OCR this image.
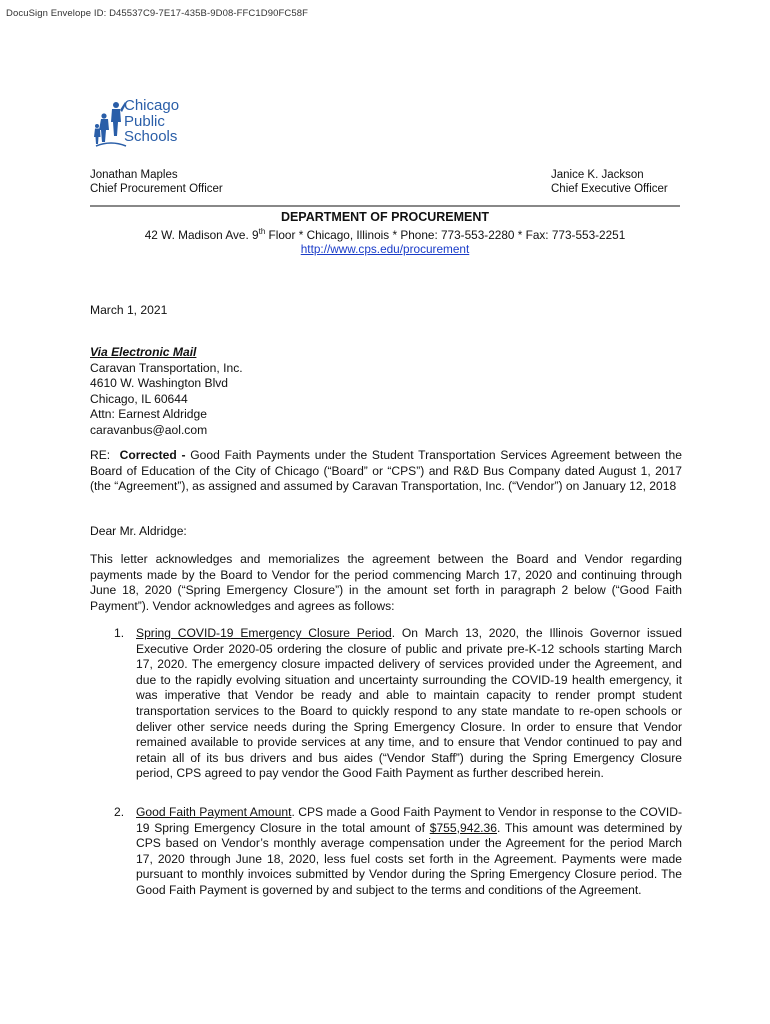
DocuSign Envelope ID: D45537C9-7E17-435B-9D08-FFC1D90FC58F
Chicago
Public
Schools
Jonathan Maples
Chief Procurement Officer
Janice K. Jackson
Chief Executive Officer
DEPARTMENT OF PROCUREMENT
42 W. Madison Ave. 9th Floor * Chicago, Illinois * Phone: 773-553-2280 * Fax: 773-553-2251
http://www.cps.edu/procurement
March 1, 2021
Via Electronic Mail
Caravan Transportation, Inc.
4610 W. Washington Blvd
Chicago, IL 60644
Attn: Earnest Aldridge
caravanbus@aol.com
RE:  Corrected - Good Faith Payments under the Student Transportation Services Agreement between the Board of Education of the City of Chicago (“Board” or “CPS”) and R&D Bus Company dated August 1, 2017 (the “Agreement”), as assigned and assumed by Caravan Transportation, Inc. (“Vendor”) on January 12, 2018
Dear Mr. Aldridge:
This letter acknowledges and memorializes the agreement between the Board and Vendor regarding payments made by the Board to Vendor for the period commencing March 17, 2020 and continuing through June 18, 2020 (“Spring Emergency Closure”) in the amount set forth in paragraph 2 below (“Good Faith Payment”). Vendor acknowledges and agrees as follows:
1. Spring COVID-19 Emergency Closure Period. On March 13, 2020, the Illinois Governor issued Executive Order 2020-05 ordering the closure of public and private pre-K-12 schools starting March 17, 2020. The emergency closure impacted delivery of services provided under the Agreement, and due to the rapidly evolving situation and uncertainty surrounding the COVID-19 health emergency, it was imperative that Vendor be ready and able to maintain capacity to render prompt student transportation services to the Board to quickly respond to any state mandate to re-open schools or deliver other service needs during the Spring Emergency Closure. In order to ensure that Vendor remained available to provide services at any time, and to ensure that Vendor continued to pay and retain all of its bus drivers and bus aides (“Vendor Staff”) during the Spring Emergency Closure period, CPS agreed to pay vendor the Good Faith Payment as further described herein.
2. Good Faith Payment Amount. CPS made a Good Faith Payment to Vendor in response to the COVID-19 Spring Emergency Closure in the total amount of $755,942.36. This amount was determined by CPS based on Vendor’s monthly average compensation under the Agreement for the period March 17, 2020 through June 18, 2020, less fuel costs set forth in the Agreement. Payments were made pursuant to monthly invoices submitted by Vendor during the Spring Emergency Closure period. The Good Faith Payment is governed by and subject to the terms and conditions of the Agreement.
